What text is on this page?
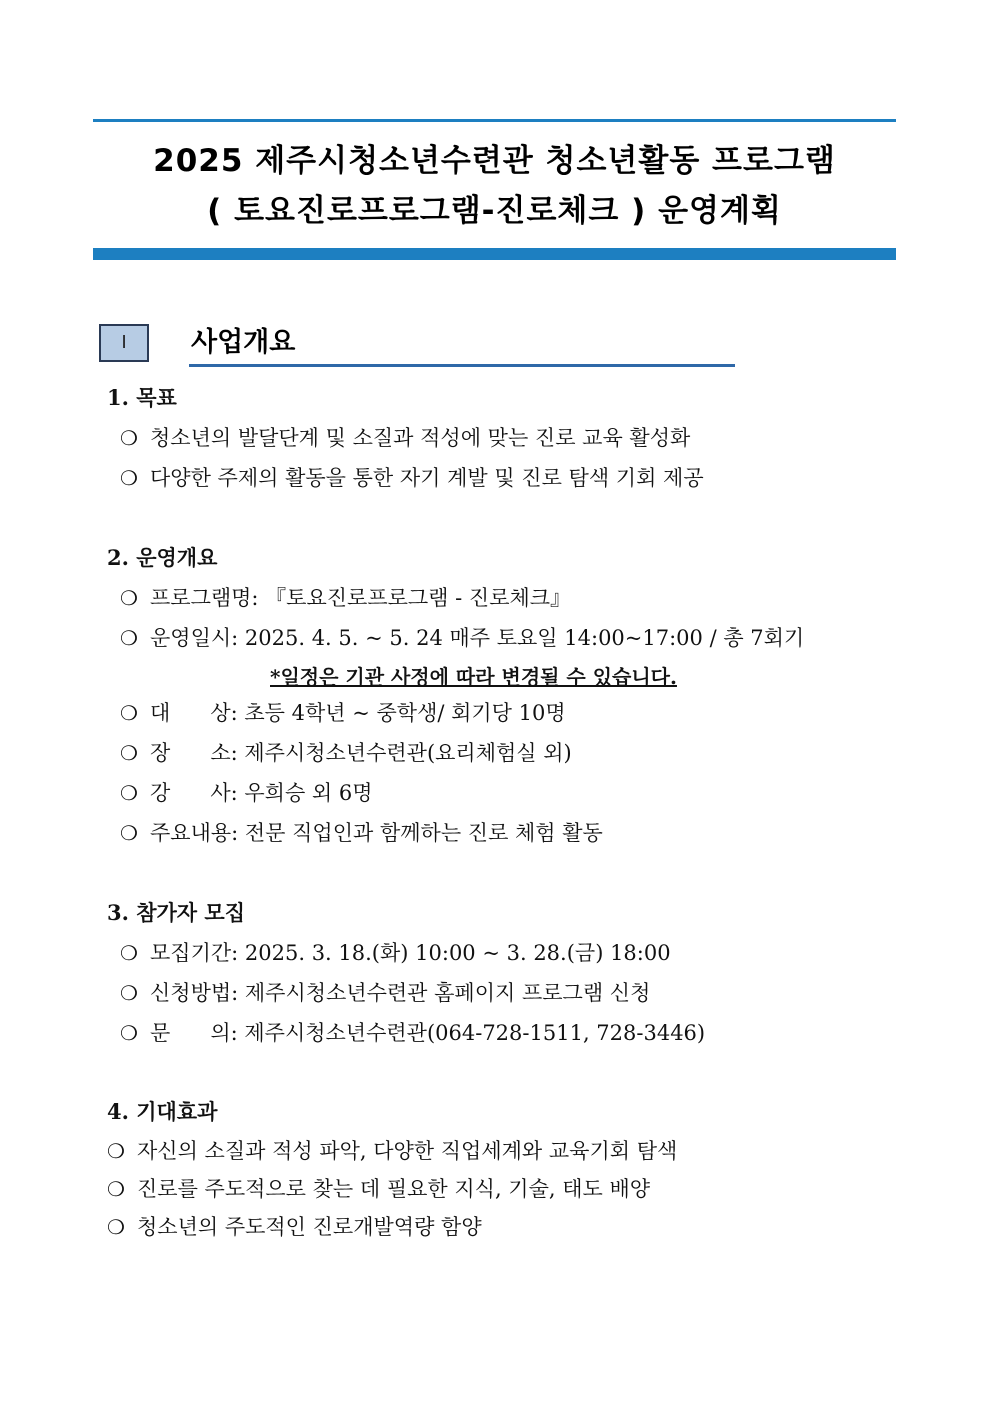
2025 제주시청소년수련관 청소년활동 프로그램
( 토요진로프로그램-진로체크 ) 운영계획
Ⅰ	사업개요
1. 목표
❍ 청소년의 발달단계 및 소질과 적성에 맞는 진로 교육 활성화
❍ 다양한 주제의 활동을 통한 자기 계발 및 진로 탐색 기회 제공
2. 운영개요
❍ 프로그램명: 『토요진로프로그램 - 진로체크』
❍ 운영일시: 2025. 4. 5. ~ 5. 24 매주 토요일 14:00~17:00 / 총 7회기
*일정은 기관 사정에 따라 변경될 수 있습니다.
❍ 대      상: 초등 4학년 ~ 중학생/ 회기당 10명
❍ 장      소: 제주시청소년수련관(요리체험실 외)
❍ 강      사: 우희승 외 6명
❍ 주요내용: 전문 직업인과 함께하는 진로 체험 활동
3. 참가자 모집
❍ 모집기간: 2025. 3. 18.(화) 10:00 ~ 3. 28.(금) 18:00
❍ 신청방법: 제주시청소년수련관 홈페이지 프로그램 신청
❍ 문      의: 제주시청소년수련관(064-728-1511, 728-3446)
4. 기대효과
❍ 자신의 소질과 적성 파악, 다양한 직업세계와 교육기회 탐색
❍ 진로를 주도적으로 찾는 데 필요한 지식, 기술, 태도 배양
❍ 청소년의 주도적인 진로개발역량 함양
